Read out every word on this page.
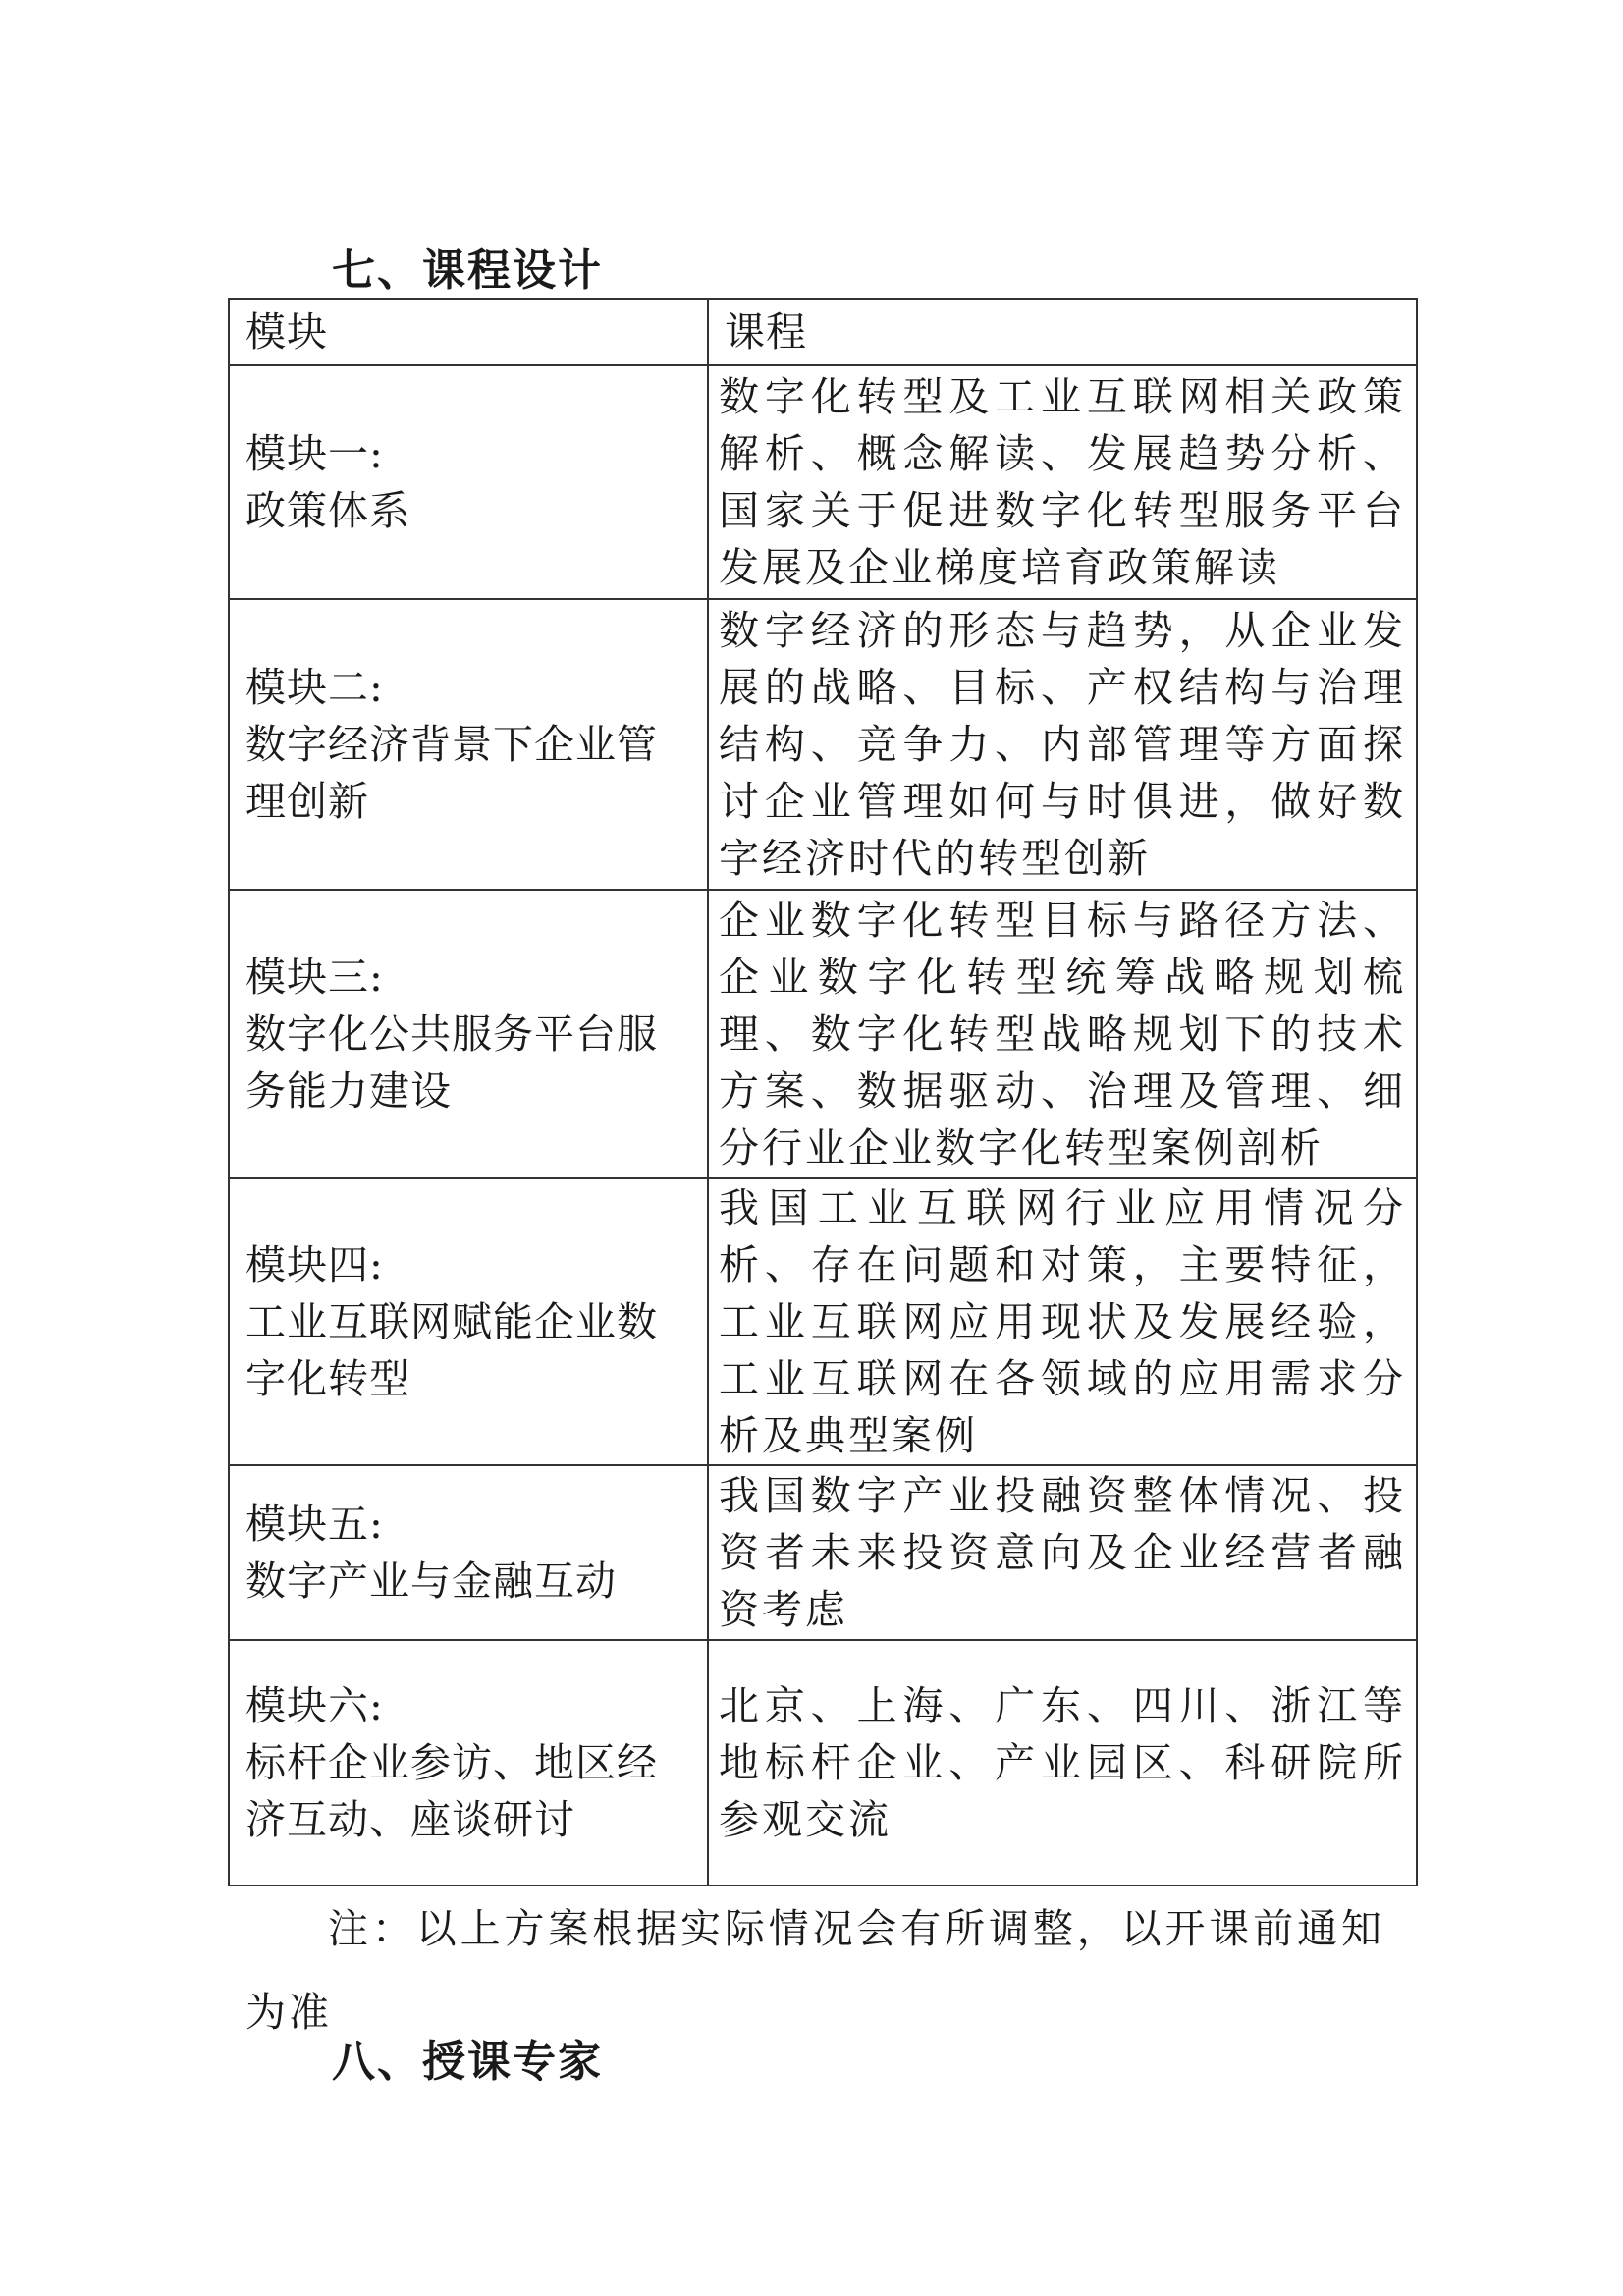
七、课程设计
模块	课程

模块一:
政策体系	数字化转型及工业互联网相关政策解析、概念解读、发展趋势分析、国家关于促进数字化转型服务平台发展及企业梯度培育政策解读

模块二:
数字经济背景下企业管理创新	数字经济的形态与趋势，从企业发展的战略、目标、产权结构与治理结构、竞争力、内部管理等方面探讨企业管理如何与时俱进，做好数字经济时代的转型创新

模块三:
数字化公共服务平台服务能力建设	企业数字化转型目标与路径方法、企业数字化转型统筹战略规划梳理、数字化转型战略规划下的技术方案、数据驱动、治理及管理、细分行业企业数字化转型案例剖析

模块四:
工业互联网赋能企业数字化转型	我国工业互联网行业应用情况分析、存在问题和对策，主要特征，工业互联网应用现状及发展经验，工业互联网在各领域的应用需求分析及典型案例

模块五:
数字产业与金融互动	我国数字产业投融资整体情况、投资者未来投资意向及企业经营者融资考虑

模块六:
标杆企业参访、地区经济互动、座谈研讨	北京、上海、广东、四川、浙江等地标杆企业、产业园区、科研院所参观交流
注：以上方案根据实际情况会有所调整，以开课前通知为准
八、授课专家
